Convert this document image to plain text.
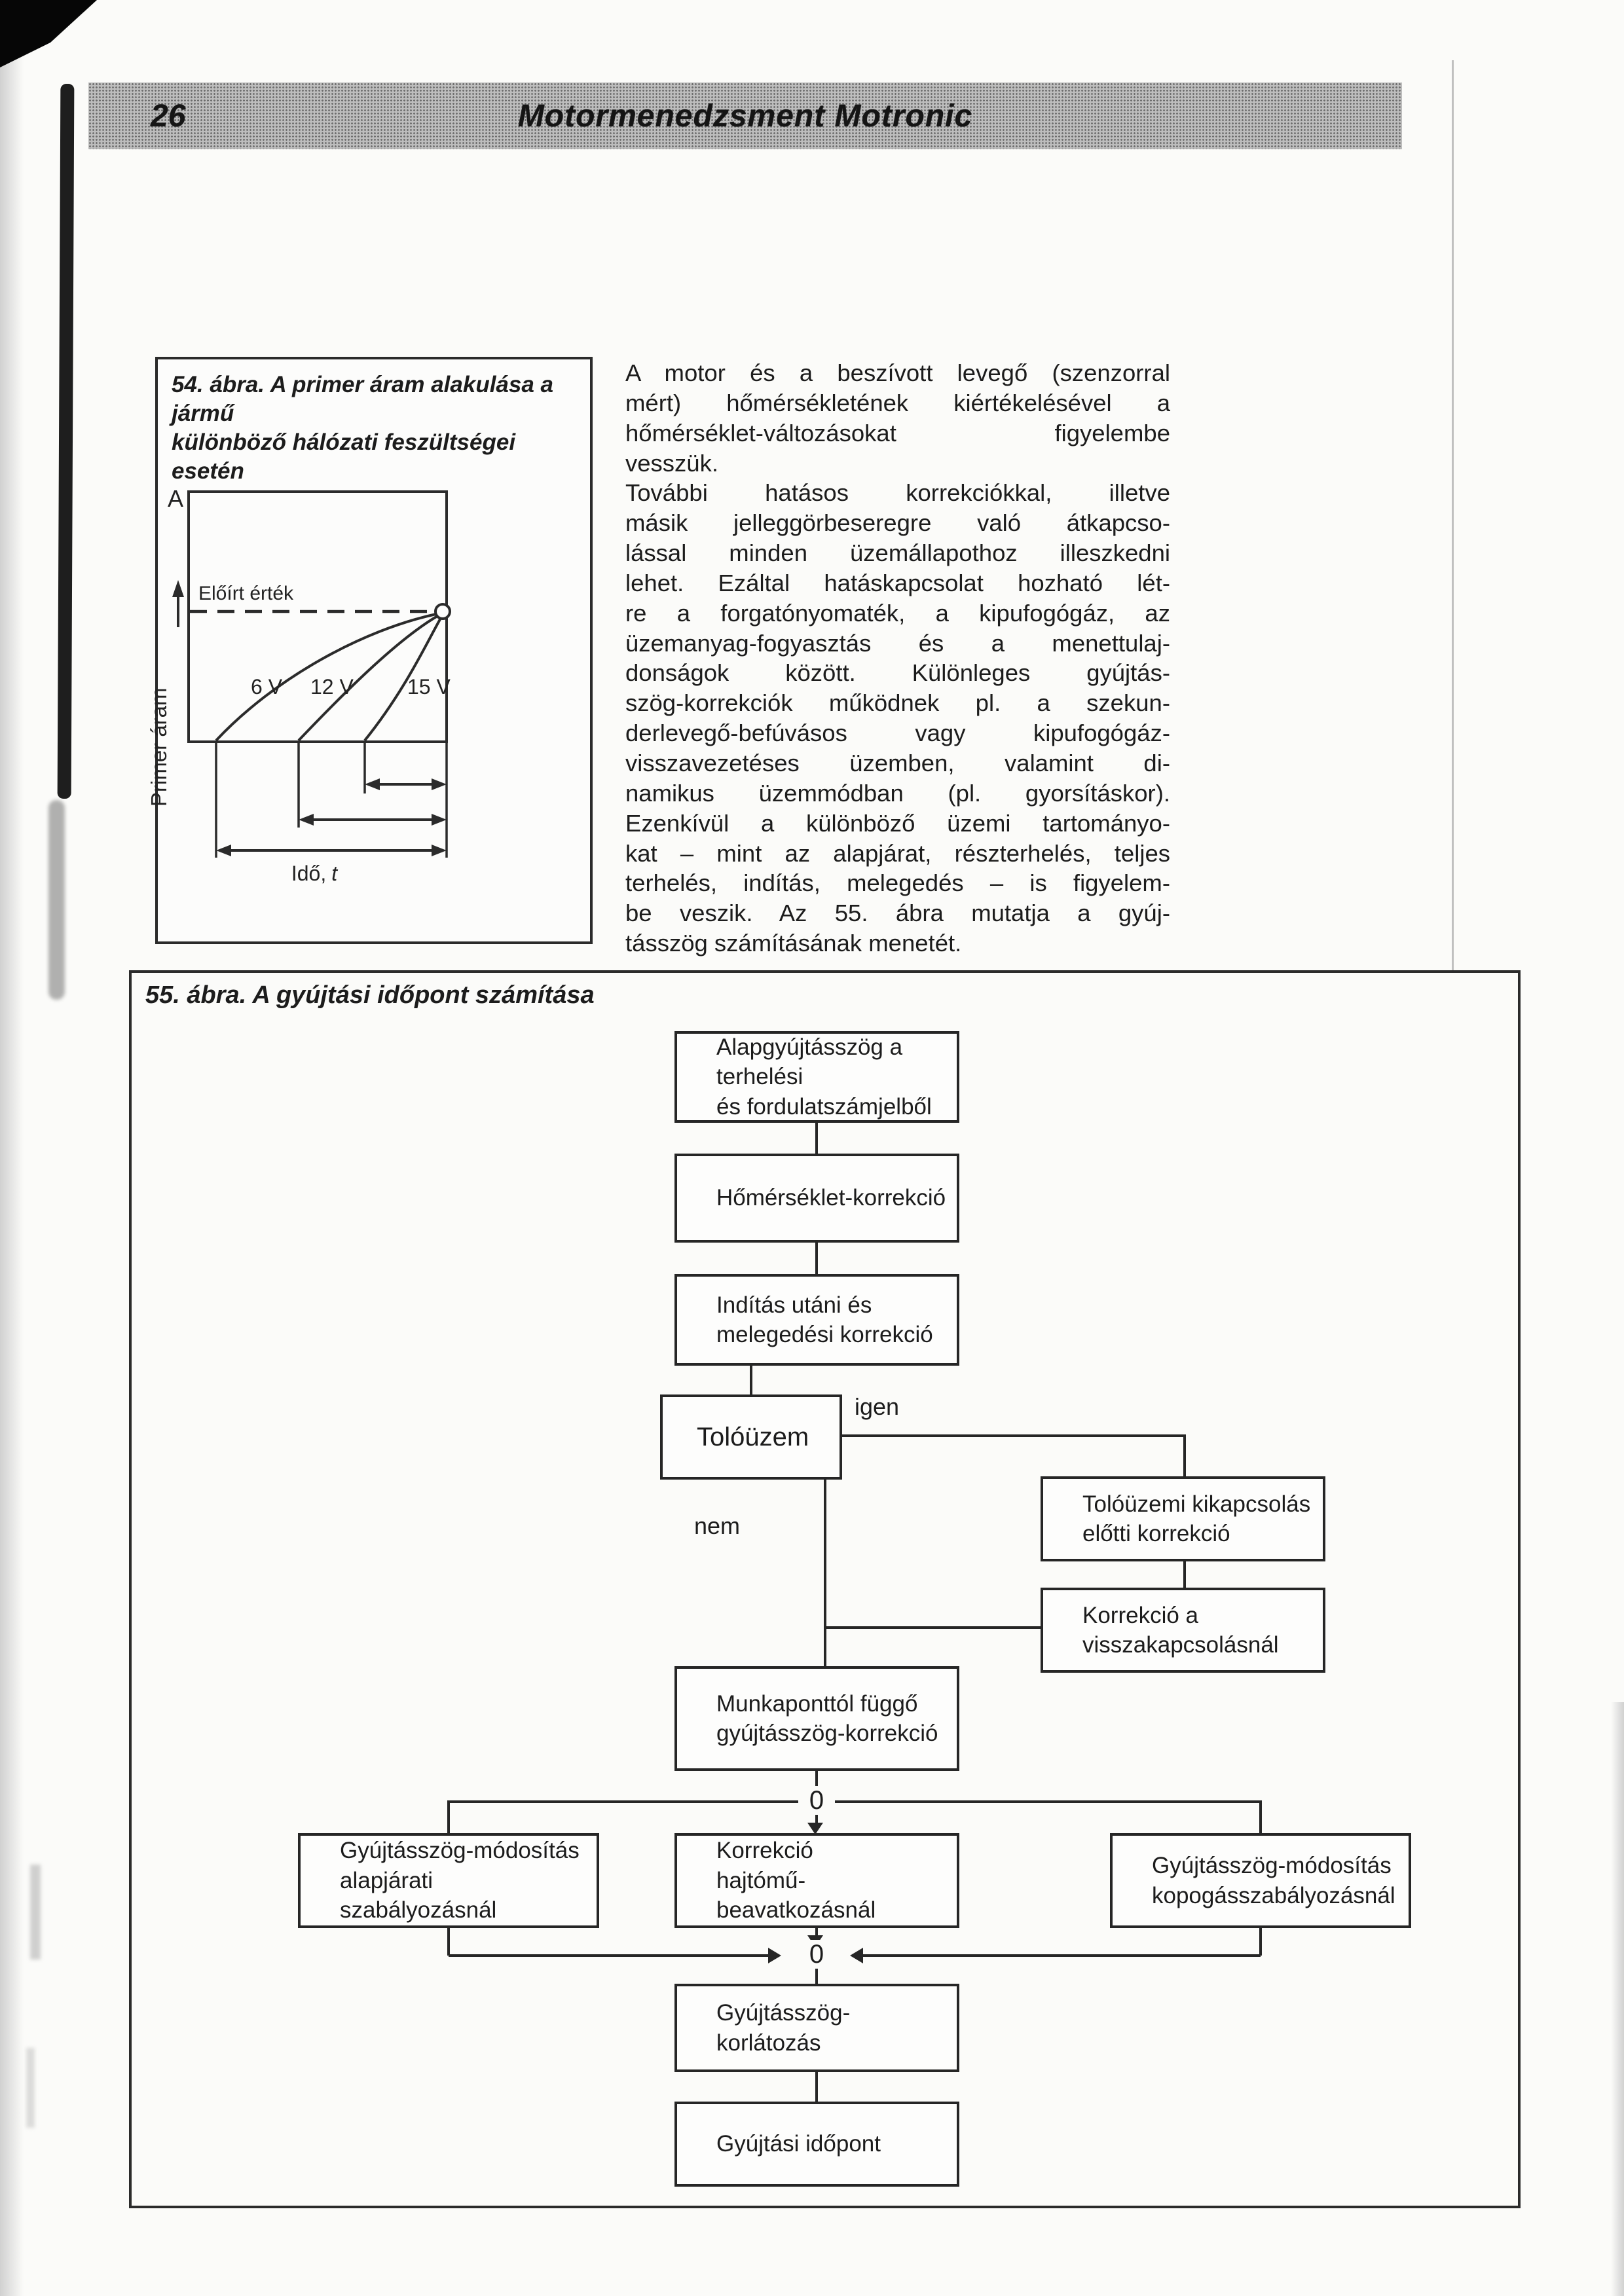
26	Motormenedzsment Motronic
54. ábra. A primer áram alakulása a jármű
különböző hálózati feszültségei esetén
A
Primer áram
Előírt érték
6 V 12 V	15 V
Idő, t
A motor és a beszívott levegő (szenzorral
mért) hőmérsékletének kiértékelésével a
hőmérséklet-változásokat figyelembe
vesszük.
További hatásos korrekciókkal, illetve
másik jelleggörbeseregre való átkapcso-
lással minden üzemállapothoz illeszkedni
lehet. Ezáltal hatáskapcsolat hozható lét-
re a forgatónyomaték, a kipufogógáz, az
üzemanyag-fogyasztás és a menettulaj-
donságok között. Különleges gyújtás-
szög-korrekciók működnek pl. a szekun-
derlevegő-befúvásos vagy kipufogógáz-
visszavezetéses üzemben, valamint di-
namikus üzemmódban (pl. gyorsításkor).
Ezenkívül a különböző üzemi tartományo-
kat – mint az alapjárat, részterhelés, teljes
terhelés, indítás, melegedés – is figyelem-
be veszik. Az 55. ábra mutatja a gyúj-
tásszög számításának menetét.
55. ábra. A gyújtási időpont számítása
Alapgyújtásszög a terhelési
és fordulatszámjelből
Hőmérséklet-korrekció
Indítás utáni és
melegedési korrekció
Tolóüzem
igen
Tolóüzemi kikapcsolás
előtti korrekció
Korrekció a
visszakapcsolásnál
nem
Munkaponttól függő
gyújtásszög-korrekció
0
Gyújtásszög-módosítás
alapjárati szabályozásnál
Korrekció
hajtómű-beavatkozásnál
Gyújtásszög-módosítás
kopogásszabályozásnál
0
Gyújtásszög-korlátozás
Gyújtási időpont
